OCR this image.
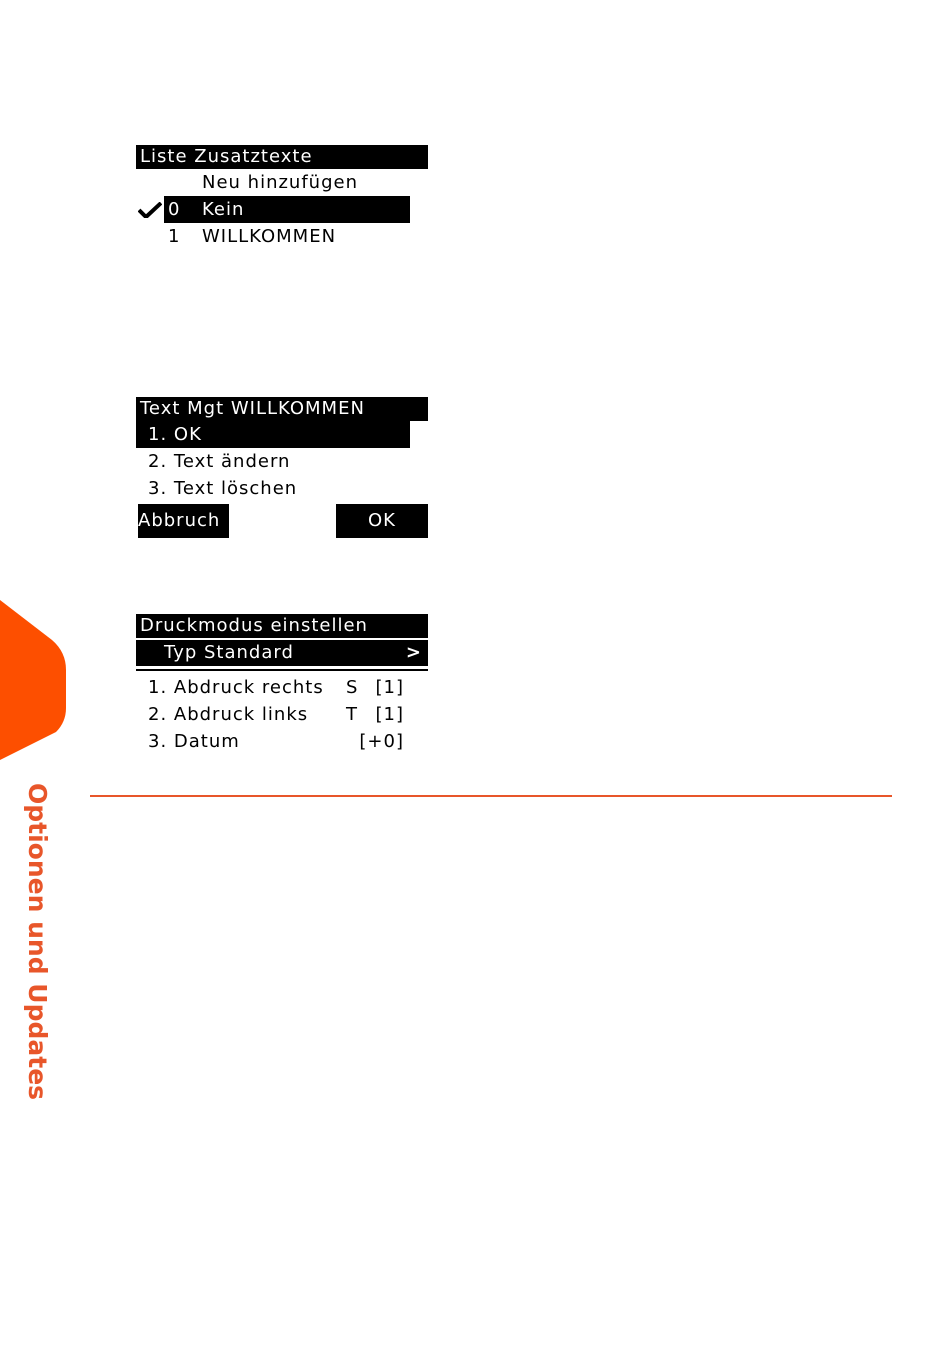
Liste Zusatztexte
Neu hinzufügen
0 Kein
1 WILLKOMMEN
Text Mgt WILLKOMMEN
1. OK
2. Text ändern
3. Text löschen
Abbruch	OK
Druckmodus einstellen
Typ Standard	>
1. Abdruck rechts S [1]
2. Abdruck links T [1]
3. Datum	[+0]
Optionen und Updates
